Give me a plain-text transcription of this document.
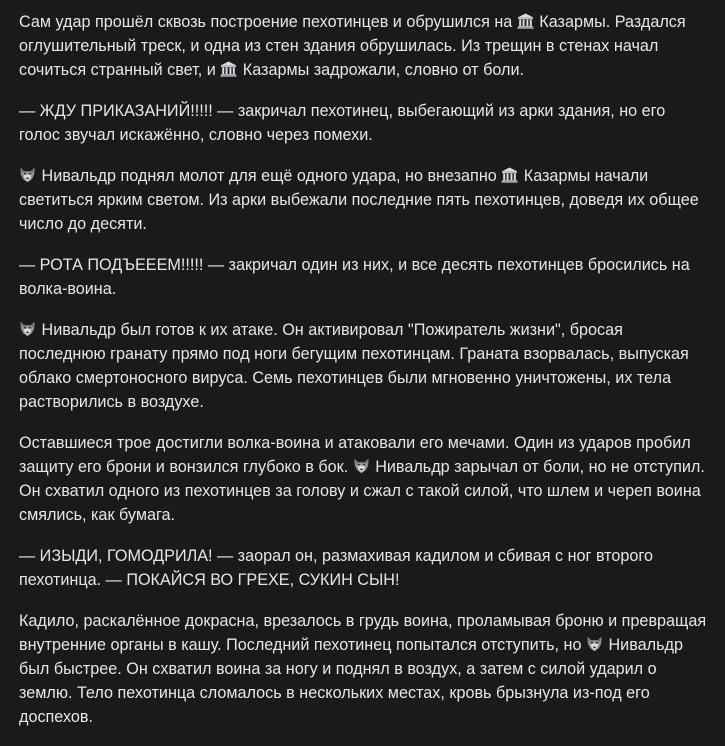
Сам удар прошёл сквозь построение пехотинцев и обрушился на
Казармы. Раздался оглушительный треск, и одна из стен здания обрушилась. Из трещин в стенах начал сочиться странный свет, и
Казармы задрожали, словно от боли.

— ЖДУ ПРИКАЗАНИЙ!!!!! — закричал пехотинец, выбегающий из арки здания, но его голос звучал искажённо, словно через помехи.

Нивальдр поднял молот для ещё одного удара, но внезапно
Казармы начали светиться ярким светом. Из арки выбежали последние пять пехотинцев, доведя их общее число до десяти.

— РОТА ПОДЪЕЕЕМ!!!!! — закричал один из них, и все десять пехотинцев бросились на волка-воина.

Нивальдр был готов к их атаке. Он активировал "Пожиратель жизни", бросая последнюю гранату прямо под ноги бегущим пехотинцам. Граната взорвалась, выпуская облако смертоносного вируса. Семь пехотинцев были мгновенно уничтожены, их тела растворились в воздухе.

Оставшиеся трое достигли волка-воина и атаковали его мечами. Один из ударов пробил защиту его брони и вонзился глубоко в бок.
Нивальдр зарычал от боли, но не отступил. Он схватил одного из пехотинцев за голову и сжал с такой силой, что шлем и череп воина смялись, как бумага.

— ИЗЫДИ, ГОМОДРИЛА! — заорал он, размахивая кадилом и сбивая с ног второго пехотинца. — ПОКАЙСЯ ВО ГРЕХЕ, СУКИН СЫН!

Кадило, раскалённое докрасна, врезалось в грудь воина, проламывая броню и превращая внутренние органы в кашу. Последний пехотинец попытался отступить, но
Нивальдр был быстрее. Он схватил воина за ногу и поднял в воздух, а затем с силой ударил о землю. Тело пехотинца сломалось в нескольких местах, кровь брызнула из-под его доспехов.
